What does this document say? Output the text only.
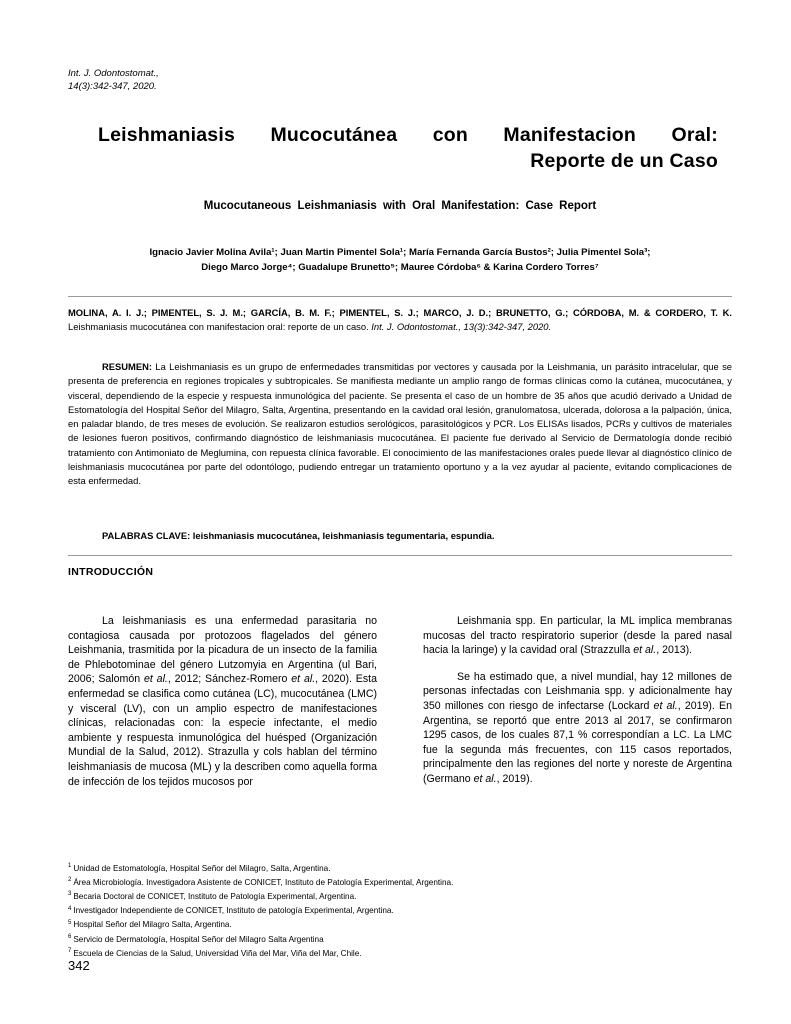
Int. J. Odontostomat.,
14(3):342-347, 2020.
Leishmaniasis Mucocutánea con Manifestacion Oral:
Reporte de un Caso
Mucocutaneous Leishmaniasis with Oral Manifestation: Case Report
Ignacio Javier Molina Avila¹; Juan Martin Pimentel Sola¹; María Fernanda García Bustos²; Julia Pimentel Sola³;
Diego Marco Jorge⁴; Guadalupe Brunetto⁵; Mauree Córdoba⁶ & Karina Cordero Torres⁷
MOLINA, A. I. J.; PIMENTEL, S. J. M.; GARCÍA, B. M. F.; PIMENTEL, S. J.; MARCO, J. D.; BRUNETTO, G.; CÓRDOBA, M. & CORDERO, T. K. Leishmaniasis mucocutánea con manifestacion oral: reporte de un caso. Int. J. Odontostomat., 13(3):342-347, 2020.
RESUMEN: La Leishmaniasis es un grupo de enfermedades transmitidas por vectores y causada por la Leishmania, un parásito intracelular, que se presenta de preferencia en regiones tropicales y subtropicales. Se manifiesta mediante un amplio rango de formas clínicas como la cutánea, mucocutánea, y visceral, dependiendo de la especie y respuesta inmunológica del paciente. Se presenta el caso de un hombre de 35 años que acudió derivado a Unidad de Estomatología del Hospital Señor del Milagro, Salta, Argentina, presentando en la cavidad oral lesión, granulomatosa, ulcerada, dolorosa a la palpación, única, en paladar blando, de tres meses de evolución. Se realizaron estudios serológicos, parasitológicos y PCR. Los ELISAs lisados, PCRs y cultivos de materiales de lesiones fueron positivos, confirmando diagnóstico de leishmaniasis mucocutánea. El paciente fue derivado al Servicio de Dermatología donde recibió tratamiento con Antimoniato de Meglumina, con repuesta clínica favorable. El conocimiento de las manifestaciones orales puede llevar al diagnóstico clínico de leishmaniasis mucocutánea por parte del odontólogo, pudiendo entregar un tratamiento oportuno y a la vez ayudar al paciente, evitando complicaciones de esta enfermedad.
PALABRAS CLAVE: leishmaniasis mucocutánea, leishmaniasis tegumentaria, espundia.
INTRODUCCIÓN

La leishmaniasis es una enfermedad parasitaria no contagiosa causada por protozoos flagelados del género Leishmania, trasmitida por la picadura de un insecto de la familia de Phlebotominae del género Lutzomyia en Argentina (ul Bari, 2006; Salomón et al., 2012; Sánchez-Romero et al., 2020). Esta enfermedad se clasifica como cutánea (LC), mucocutánea (LMC) y visceral (LV), con un amplio espectro de manifestaciones clínicas, relacionadas con: la especie infectante, el medio ambiente y respuesta inmunológica del huésped (Organización Mundial de la Salud, 2012). Strazulla y cols hablan del término leishmaniasis de mucosa (ML) y la describen como aquella forma de infección de los tejidos mucosos por

Leishmania spp. En particular, la ML implica membranas mucosas del tracto respiratorio superior (desde la pared nasal hacia la laringe) y la cavidad oral (Strazzulla et al., 2013).

Se ha estimado que, a nivel mundial, hay 12 millones de personas infectadas con Leishmania spp. y adicionalmente hay 350 millones con riesgo de infectarse (Lockard et al., 2019). En Argentina, se reportó que entre 2013 al 2017, se confirmaron 1295 casos, de los cuales 87,1 % correspondían a LC. La LMC fue la segunda más frecuentes, con 115 casos reportados, principalmente den las regiones del norte y noreste de Argentina (Germano et al., 2019).

$^1$ Unidad de Estomatología, Hospital Señor del Milagro, Salta, Argentina.
$^2$ Área Microbiología. Investigadora Asistente de CONICET, Instituto de Patología Experimental, Argentina.
$^3$ Becaria Doctoral de CONICET, Instituto de Patología Experimental, Argentina.
$^4$ Investigador Independiente de CONICET, Instituto de patología Experimental, Argentina.
$^5$ Hospital Señor del Milagro Salta, Argentina.
$^6$ Servicio de Dermatología, Hospital Señor del Milagro Salta Argentina
$^7$ Escuela de Ciencias de la Salud, Universidad Viña del Mar, Viña del Mar, Chile.
342
